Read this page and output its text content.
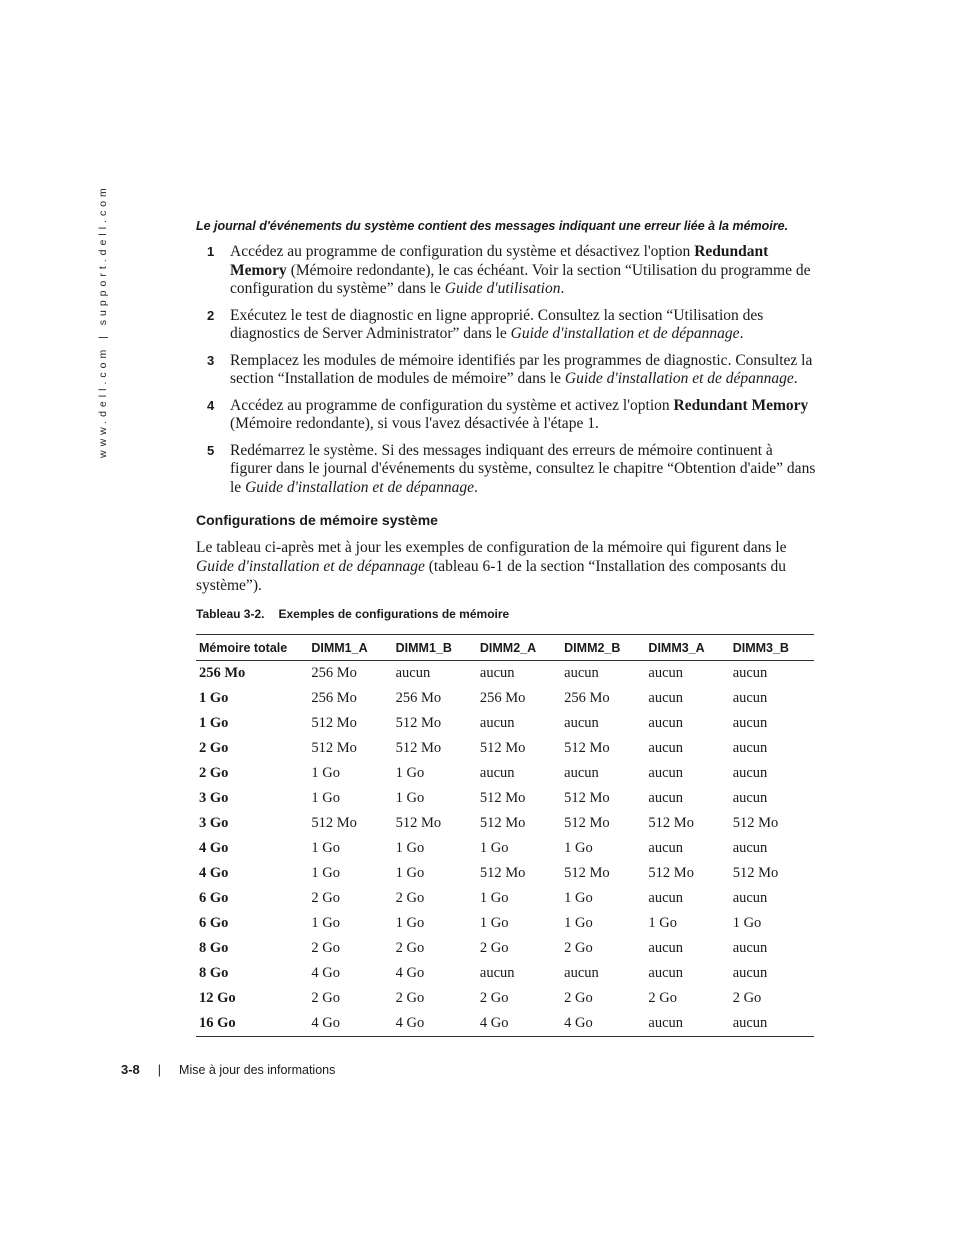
www.dell.com | support.dell.com	Le journal d'événements du système contient des messages indiquant une erreur liée à la mémoire.
1 Accédez au programme de configuration du système et désactivez l'option Redundant Memory (Mémoire redondante), le cas échéant. Voir la section “Utilisation du programme de configuration du système” dans le Guide d'utilisation.
2 Exécutez le test de diagnostic en ligne approprié. Consultez la section “Utilisation des diagnostics de Server Administrator” dans le Guide d'installation et de dépannage.
3 Remplacez les modules de mémoire identifiés par les programmes de diagnostic. Consultez la section “Installation de modules de mémoire” dans le Guide d'installation et de dépannage.
4 Accédez au programme de configuration du système et activez l'option Redundant Memory (Mémoire redondante), si vous l'avez désactivée à l'étape 1.
5 Redémarrez le système. Si des messages indiquant des erreurs de mémoire continuent à figurer dans le journal d'événements du système, consultez le chapitre “Obtention d'aide” dans le Guide d'installation et de dépannage.
Configurations de mémoire système

Le tableau ci-après met à jour les exemples de configuration de la mémoire qui figurent dans le Guide d'installation et de dépannage (tableau 6-1 de la section “Installation des composants du système”).

Tableau 3-2. Exemples de configurations de mémoire
Mémoire totale	DIMM1_A	DIMM1_B	DIMM2_A	DIMM2_B	DIMM3_A	DIMM3_B
256 Mo	256 Mo	aucun	aucun	aucun	aucun	aucun
1 Go	256 Mo	256 Mo	256 Mo	256 Mo	aucun	aucun
1 Go	512 Mo	512 Mo	aucun	aucun	aucun	aucun
2 Go	512 Mo	512 Mo	512 Mo	512 Mo	aucun	aucun
2 Go	1 Go	1 Go	aucun	aucun	aucun	aucun
3 Go	1 Go	1 Go	512 Mo	512 Mo	aucun	aucun
3 Go	512 Mo	512 Mo	512 Mo	512 Mo	512 Mo	512 Mo
4 Go	1 Go	1 Go	1 Go	1 Go	aucun	aucun
4 Go	1 Go	1 Go	512 Mo	512 Mo	512 Mo	512 Mo
6 Go	2 Go	2 Go	1 Go	1 Go	aucun	aucun
6 Go	1 Go	1 Go	1 Go	1 Go	1 Go	1 Go
8 Go	2 Go	2 Go	2 Go	2 Go	aucun	aucun
8 Go	4 Go	4 Go	aucun	aucun	aucun	aucun
12 Go	2 Go	2 Go	2 Go	2 Go	2 Go	2 Go
16 Go	4 Go	4 Go	4 Go	4 Go	aucun	aucun
3-8 | Mise à jour des informations
